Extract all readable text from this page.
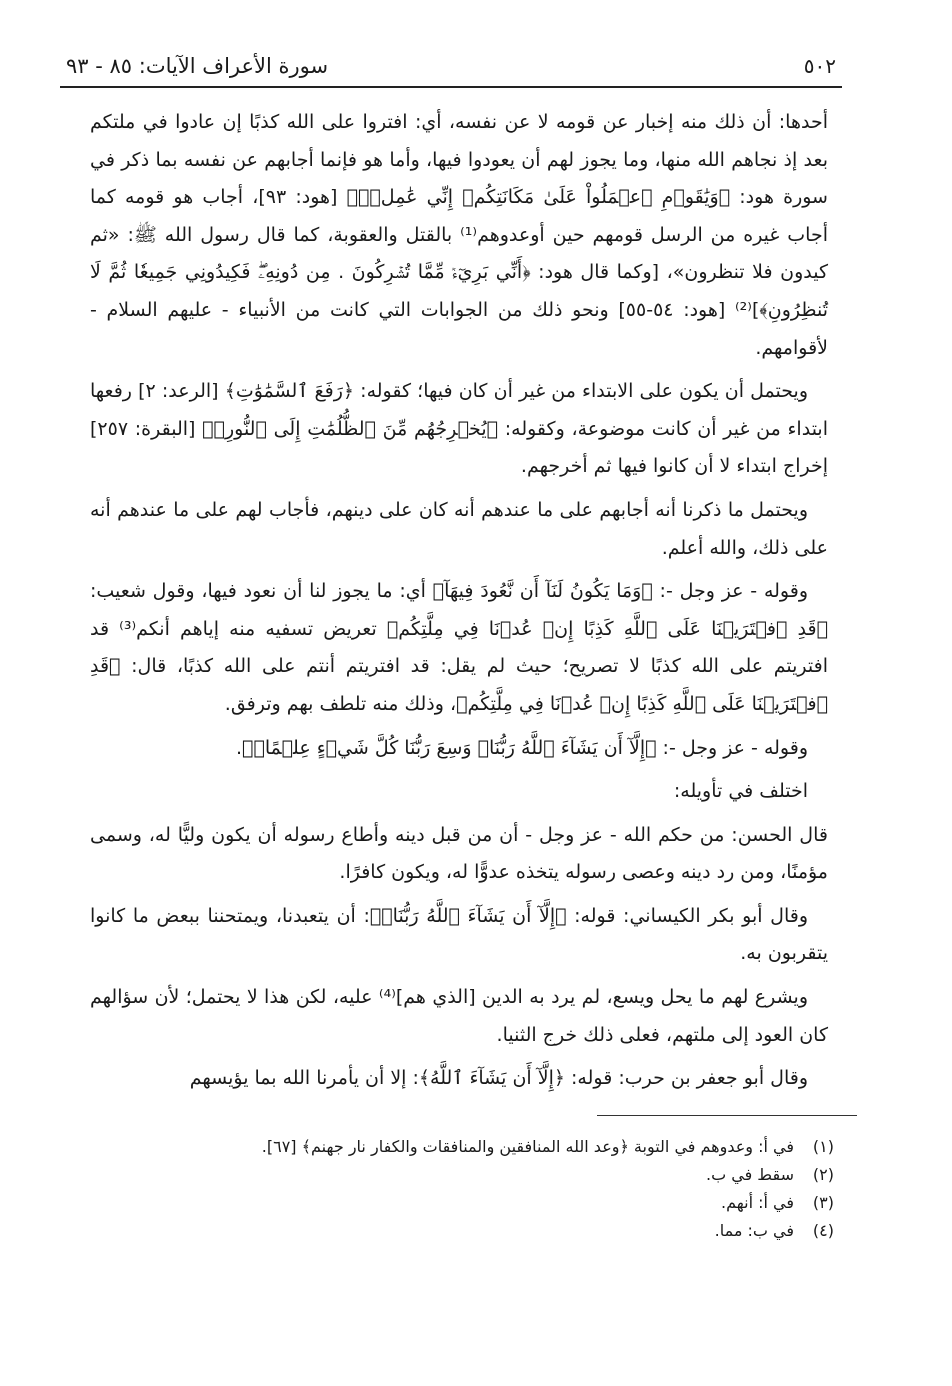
٥٠٢
سورة الأعراف الآيات: ٨٥ - ٩٣

أحدها: أن ذلك منه إخبار عن قومه لا عن نفسه، أي: افتروا على الله كذبًا إن عادوا في ملتكم بعد إذ نجاهم الله منها، وما يجوز لهم أن يعودوا فيها، وأما هو فإنما أجابهم عن نفسه بما ذكر في سورة هود: ﴿وَيَٰقَوۡمِ ٱعۡمَلُواْ عَلَىٰ مَكَانَتِكُمۡ إِنِّي عَٰمِلٞۖ﴾ [هود: ٩٣]، أجاب هو قومه كما أجاب غيره من الرسل قومهم حين أوعدوهم⁽¹⁾ بالقتل والعقوبة، كما قال رسول الله ﷺ: «ثم كيدون فلا تنظرون»، [وكما قال هود: ﴿أَنِّي بَرِيٓءٞ مِّمَّا تُشۡرِكُونَ . مِن دُونِهِۦۖ فَكِيدُونِي جَمِيعٗا ثُمَّ لَا تُنظِرُونِ﴾]⁽²⁾ [هود: ٥٤-٥٥] ونحو ذلك من الجوابات التي كانت من الأنبياء - عليهم السلام - لأقوامهم.

ويحتمل أن يكون على الابتداء من غير أن كان فيها؛ كقوله: ﴿رَفَعَ ٱلسَّمَٰوَٰتِ﴾ [الرعد: ٢] رفعها ابتداء من غير أن كانت موضوعة، وكقوله: ﴿يُخۡرِجُهُم مِّنَ ٱلظُّلُمَٰتِ إِلَى ٱلنُّورِۖ﴾ [البقرة: ٢٥٧] إخراج ابتداء لا أن كانوا فيها ثم أخرجهم.

ويحتمل ما ذكرنا أنه أجابهم على ما عندهم أنه كان على دينهم، فأجاب لهم على ما عندهم أنه على ذلك، والله أعلم.

وقوله - عز وجل -: ﴿وَمَا يَكُونُ لَنَآ أَن نَّعُودَ فِيهَآ﴾ أي: ما يجوز لنا أن نعود فيها، وقول شعيب: ﴿قَدِ ٱفۡتَرَيۡنَا عَلَى ٱللَّهِ كَذِبًا إِنۡ عُدۡنَا فِي مِلَّتِكُم﴾ تعريض تسفيه منه إياهم أنكم⁽³⁾ قد افتريتم على الله كذبًا لا تصريح؛ حيث لم يقل: قد افتريتم أنتم على الله كذبًا، قال: ﴿قَدِ ٱفۡتَرَيۡنَا عَلَى ٱللَّهِ كَذِبًا إِنۡ عُدۡنَا فِي مِلَّتِكُم﴾، وذلك منه تلطف بهم وترفق.

وقوله - عز وجل -: ﴿إِلَّآ أَن يَشَآءَ ٱللَّهُ رَبُّنَاۚ وَسِعَ رَبُّنَا كُلَّ شَيۡءٍ عِلۡمًاۚ﴾.

اختلف في تأويله:

قال الحسن: من حكم الله - عز وجل - أن من قبل دينه وأطاع رسوله أن يكون وليًّا له، وسمى مؤمنًا، ومن رد دينه وعصى رسوله يتخذه عدوًّا له، ويكون كافرًا.

وقال أبو بكر الكيساني: قوله: ﴿إِلَّآ أَن يَشَآءَ ٱللَّهُ رَبُّنَاۚ﴾: أن يتعبدنا، ويمتحننا ببعض ما كانوا يتقربون به.

ويشرع لهم ما يحل ويسع، لم يرد به الدين [الذي هم]⁽⁴⁾ عليه، لكن هذا لا يحتمل؛ لأن سؤالهم كان العود إلى ملتهم، فعلى ذلك خرج الثنيا.

وقال أبو جعفر بن حرب: قوله: ﴿إِلَّآ أَن يَشَآءَ ٱللَّهُ﴾: إلا أن يأمرنا الله بما يؤيسهم

(١)
في أ: وعدوهم في التوبة ﴿وعد الله المنافقين والمنافقات والكفار نار جهنم﴾ [٦٧].
(٢)
سقط في ب.
(٣)
في أ: أنهم.
(٤)
في ب: مما.
